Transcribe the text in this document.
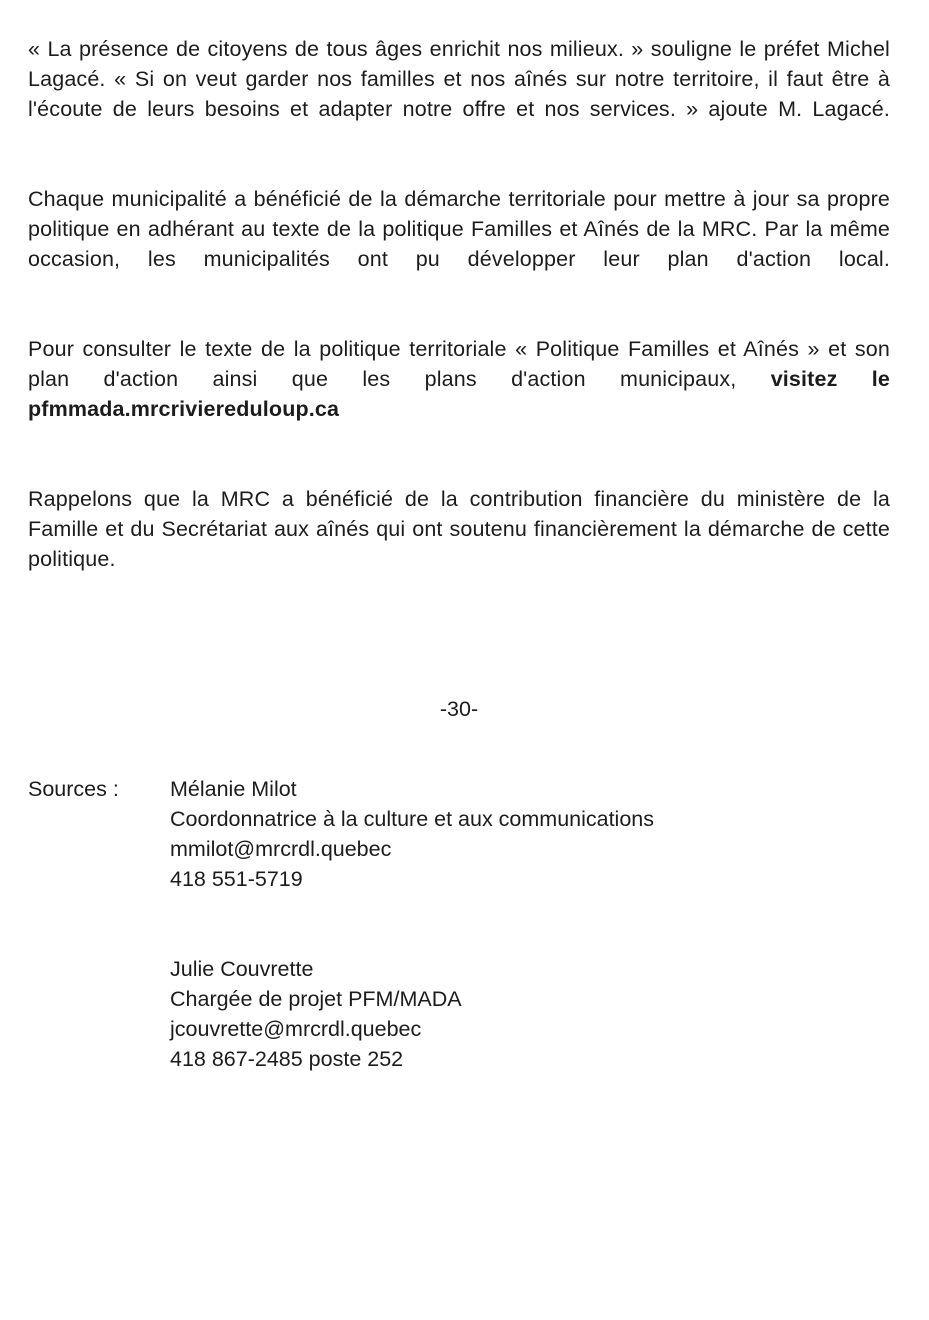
« La présence de citoyens de tous âges enrichit nos milieux. » souligne le préfet Michel Lagacé. « Si on veut garder nos familles et nos aînés sur notre territoire, il faut être à l'écoute de leurs besoins et adapter notre offre et nos services. » ajoute M. Lagacé.

Chaque municipalité a bénéficié de la démarche territoriale pour mettre à jour sa propre politique en adhérant au texte de la politique Familles et Aînés de la MRC. Par la même occasion, les municipalités ont pu développer leur plan d'action local.

Pour consulter le texte de la politique territoriale « Politique Familles et Aînés » et son plan d'action ainsi que les plans d'action municipaux, visitez le pfmmada.mrcriviereduloup.ca

Rappelons que la MRC a bénéficié de la contribution financière du ministère de la Famille et du Secrétariat aux aînés qui ont soutenu financièrement la démarche de cette politique.

-30-

Sources :	Mélanie Milot
Coordonnatrice à la culture et aux communications
mmilot@mrcrdl.quebec
418 551-5719
Julie Couvrette
Chargée de projet PFM/MADA
jcouvrette@mrcrdl.quebec
418 867-2485 poste 252
